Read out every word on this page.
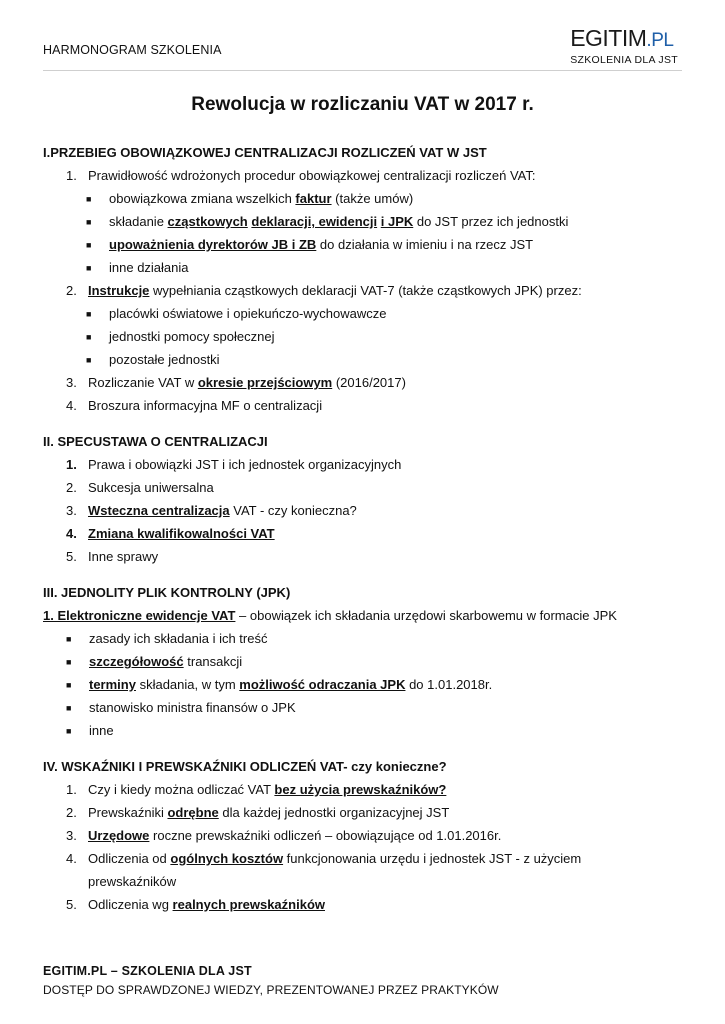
HARMONOGRAM SZKOLENIA	EGITIM.PL
SZKOLENIA DLA JST
Rewolucja w rozliczaniu VAT w 2017 r.
I.PRZEBIEG OBOWIĄZKOWEJ CENTRALIZACJI ROZLICZEŃ VAT W JST
1. Prawidłowość wdrożonych procedur obowiązkowej centralizacji rozliczeń VAT:
■	obowiązkowa zmiana wszelkich faktur (także umów)
■	składanie cząstkowych deklaracji, ewidencji i JPK do JST przez ich jednostki
■	upoważnienia dyrektorów JB i ZB do działania w imieniu i na rzecz JST
■	inne działania
2. Instrukcje wypełniania cząstkowych deklaracji VAT-7 (także cząstkowych JPK) przez:
■	placówki oświatowe i opiekuńczo-wychowawcze
■	jednostki pomocy społecznej
■	pozostałe jednostki
3. Rozliczanie VAT w okresie przejściowym (2016/2017)
4. Broszura informacyjna MF o centralizacji
II. SPECUSTAWA O CENTRALIZACJI
1. Prawa i obowiązki JST i ich jednostek organizacyjnych
2. Sukcesja uniwersalna
3. Wsteczna centralizacja VAT - czy konieczna?
4. Zmiana kwalifikowalności VAT
5. Inne sprawy
III. JEDNOLITY PLIK KONTROLNY (JPK)
1. Elektroniczne ewidencje VAT – obowiązek ich składania urzędowi skarbowemu w formacie JPK
■	zasady ich składania i ich treść
■	szczegółowość transakcji
■	terminy składania, w tym możliwość odraczania JPK do 1.01.2018r.
■	stanowisko ministra finansów o JPK
■	inne
IV. WSKAŹNIKI I PREWSKAŹNIKI ODLICZEŃ VAT- czy konieczne?
1. Czy i kiedy można odliczać VAT bez użycia prewskaźników?
2. Prewskaźniki odrębne dla każdej jednostki organizacyjnej JST
3. Urzędowe roczne prewskaźniki odliczeń – obowiązujące od 1.01.2016r.
4. Odliczenia od ogólnych kosztów funkcjonowania urzędu i jednostek JST - z użyciem
prewskaźników
5. Odliczenia wg realnych prewskaźników
EGITIM.PL – SZKOLENIA DLA JST
DOSTĘP DO SPRAWDZONEJ WIEDZY, PREZENTOWANEJ PRZEZ PRAKTYKÓW
